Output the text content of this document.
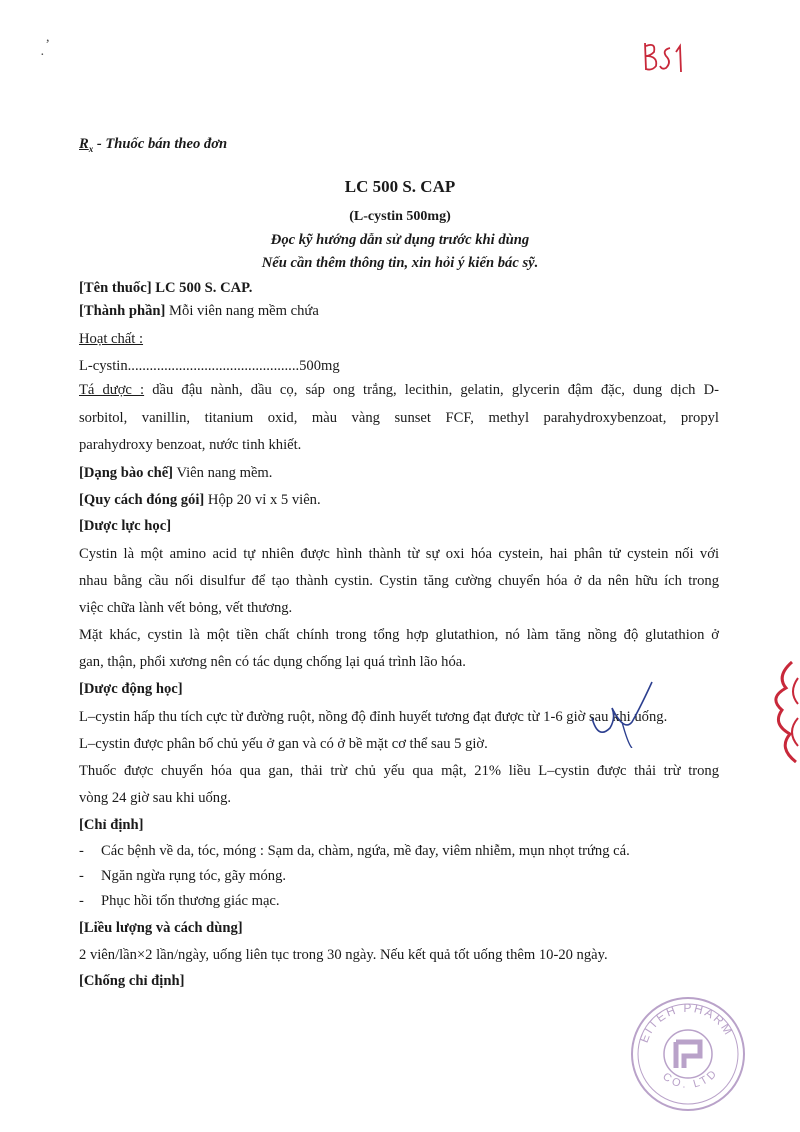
,
·
$R_x$ - Thuốc bán theo đơn
LC 500 S. CAP
(L-cystin 500mg)
Đọc kỹ hướng dẫn sử dụng trước khi dùng
Nếu cần thêm thông tin, xin hỏi ý kiến bác sỹ.
[Tên thuốc] LC 500 S. CAP.
[Thành phần] Mỗi viên nang mềm chứa
Hoạt chất :
L-cystin...............................................500mg
Tá dược : dầu đậu nành, dầu cọ, sáp ong trắng, lecithin, gelatin, glycerin đậm đặc, dung dịch D-
sorbitol, vanillin, titanium oxid, màu vàng sunset FCF, methyl parahydroxybenzoat, propyl
parahydroxy benzoat, nước tinh khiết.
[Dạng bào chế] Viên nang mềm.
[Quy cách đóng gói] Hộp 20 vỉ x 5 viên.
[Dược lực học]
Cystin là một amino acid tự nhiên được hình thành từ sự oxi hóa cystein, hai phân tử cystein nối với
nhau bằng cầu nối disulfur để tạo thành cystin. Cystin tăng cường chuyển hóa ở da nên hữu ích trong
việc chữa lành vết bỏng, vết thương.
Mặt khác, cystin là một tiền chất chính trong tổng hợp glutathion, nó làm tăng nồng độ glutathion ở
gan, thận, phổi xương nên có tác dụng chống lại quá trình lão hóa.
[Dược động học]
L–cystin hấp thu tích cực từ đường ruột, nồng độ đỉnh huyết tương đạt được từ 1-6 giờ sau khi uống.
L–cystin được phân bố chủ yếu ở gan và có ở bề mặt cơ thể sau 5 giờ.
Thuốc được chuyển hóa qua gan, thải trừ chủ yếu qua mật, 21% liều L–cystin được thải trừ trong
vòng 24 giờ sau khi uống.
[Chỉ định]
- Các bệnh về da, tóc, móng : Sạm da, chàm, ngứa, mề đay, viêm nhiễm, mụn nhọt trứng cá.
- Ngăn ngừa rụng tóc, gãy móng.
- Phục hồi tổn thương giác mạc.
[Liều lượng và cách dùng]
2 viên/lần×2 lần/ngày, uống liên tục trong 30 ngày. Nếu kết quả tốt uống thêm 10-20 ngày.
[Chống chỉ định]
EITEH PHARM
CO. LTD
